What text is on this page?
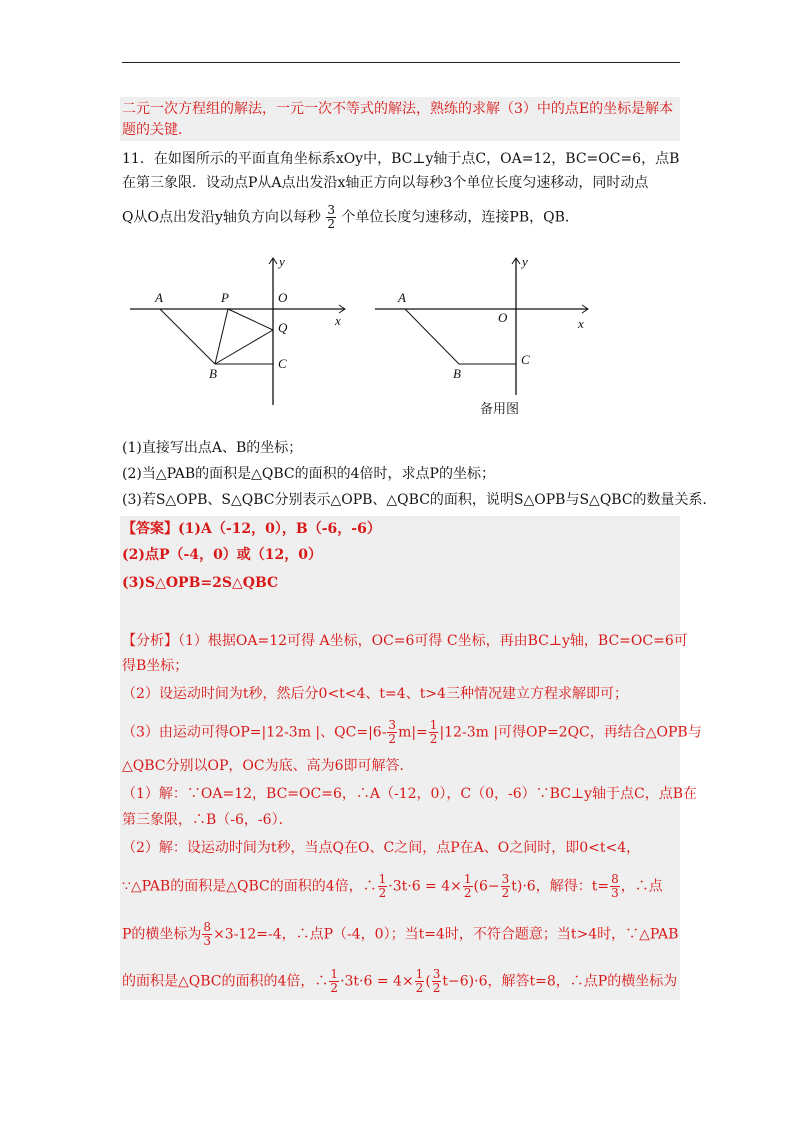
二元一次方程组的解法，一元一次不等式的解法，熟练的求解（3）中的点E的坐标是解本
题的关键．
11．在如图所示的平面直角坐标系xOy中，BC⊥y轴于点C，OA=12，BC=OC=6，点B
在第三象限．设动点P从A点出发沿x轴正方向以每秒3个单位长度匀速移动，同时动点
Q从O点出发沿y轴负方向以每秒 $\frac{3}{2}$ 个单位长度匀速移动，连接PB，QB．
A	P	O
Q
C
B
x
y
A
O
C
B
x
y
备用图
(1)直接写出点A、B的坐标；
(2)当△PAB的面积是△QBC的面积的4倍时，求点P的坐标；
(3)若S△OPB、S△QBC分别表示△OPB、△QBC的面积，说明S△OPB与S△QBC的数量关系．
【答案】(1)A（-12，0），B（-6，-6）
(2)点P（-4，0）或（12，0）
(3)S△OPB=2S△QBC
【分析】（1）根据OA=12可得 A坐标，OC=6可得 C坐标，再由BC⊥y轴，BC=OC=6可
得B坐标；
（2）设运动时间为t秒，然后分0<t<4、t=4、t>4三种情况建立方程求解即可；
（3）由运动可得OP=|12-3m |、$QC=|6- \frac{3}{2} m|= \frac{1}{2} |12-3m$ |可得OP=2QC，再结合△OPB与
△QBC分别以OP，OC为底、高为6即可解答．
（1）解：∵OA=12，BC=OC=6，∴A（-12，0），C（0，-6）∵BC⊥y轴于点C，点B在
第三象限，∴B（-6，-6）．
（2）解：设运动时间为t秒，当点Q在O、C之间，点P在A、O之间时，即0<t<4，
∵△PAB的面积是△QBC的面积的4倍，∴ $\frac{1}{2} \cdot 3t\cdot 6 = 4\times \frac{1}{2} (6- \frac{3}{2} t)\cdot 6$，解得：$t= \frac{8}{3}$ ，∴点
P的横坐标为 $\frac{8}{3} \times 3-12=-4$，∴点P（-4，0）；当t=4时，不符合题意；当t>4时，∵△PAB
的面积是△QBC的面积的4倍，∴ $\frac{1}{2} \cdot 3t\cdot 6 = 4\times \frac{1}{2}$ ( $\frac{3}{2} t-6)\cdot 6$，解答t=8，∴点P的横坐标为
